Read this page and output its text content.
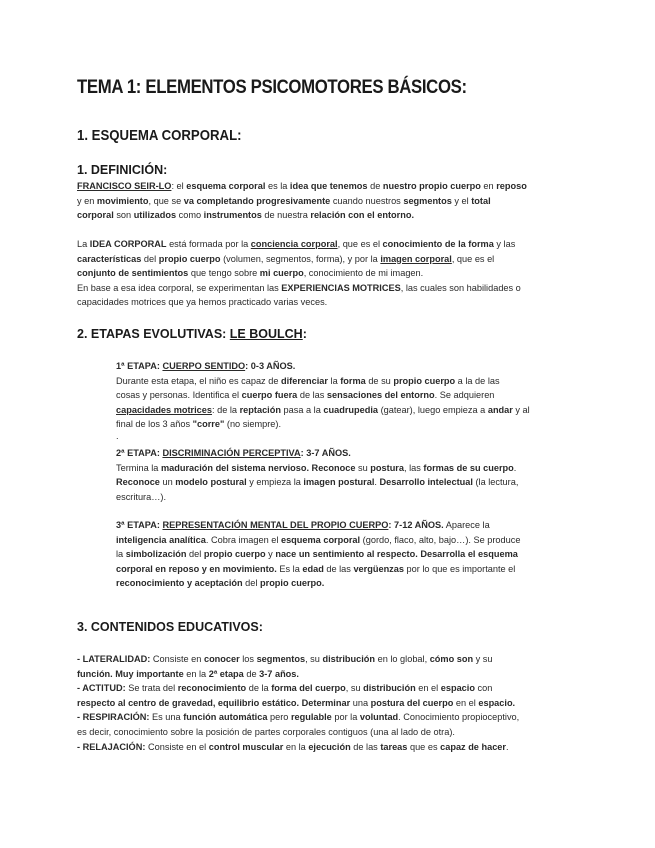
TEMA 1: ELEMENTOS PSICOMOTORES BÁSICOS:
1. ESQUEMA CORPORAL:
1. DEFINICIÓN:
FRANCISCO SEIR-LO: el esquema corporal es la idea que tenemos de nuestro propio cuerpo en reposo
y en movimiento, que se va completando progresivamente cuando nuestros segmentos y el total
corporal son utilizados como instrumentos de nuestra relación con el entorno.
La IDEA CORPORAL está formada por la conciencia corporal, que es el conocimiento de la forma y las
características del propio cuerpo (volumen, segmentos, forma), y por la imagen corporal, que es el
conjunto de sentimientos que tengo sobre mi cuerpo, conocimiento de mi imagen.
En base a esa idea corporal, se experimentan las EXPERIENCIAS MOTRICES, las cuales son habilidades o
capacidades motrices que ya hemos practicado varias veces.
2. ETAPAS EVOLUTIVAS: LE BOULCH:
1ª ETAPA: CUERPO SENTIDO: 0-3 AÑOS.
Durante esta etapa, el niño es capaz de diferenciar la forma de su propio cuerpo a la de las
cosas y personas. Identifica el cuerpo fuera de las sensaciones del entorno. Se adquieren
capacidades motrices: de la reptación pasa a la cuadrupedia (gatear), luego empieza a andar y al
final de los 3 años "corre" (no siempre).
.
2ª ETAPA: DISCRIMINACIÓN PERCEPTIVA: 3-7 AÑOS.
Termina la maduración del sistema nervioso. Reconoce su postura, las formas de su cuerpo.
Reconoce un modelo postural y empieza la imagen postural. Desarrollo intelectual (la lectura,
escritura…).
3ª ETAPA: REPRESENTACIÓN MENTAL DEL PROPIO CUERPO: 7-12 AÑOS. Aparece la
inteligencia analítica. Cobra imagen el esquema corporal (gordo, flaco, alto, bajo…). Se produce
la simbolización del propio cuerpo y nace un sentimiento al respecto. Desarrolla el esquema
corporal en reposo y en movimiento. Es la edad de las vergüenzas por lo que es importante el
reconocimiento y aceptación del propio cuerpo.
3. CONTENIDOS EDUCATIVOS:
- LATERALIDAD: Consiste en conocer los segmentos, su distribución en lo global, cómo son y su
función. Muy importante en la 2ª etapa de 3-7 años.
- ACTITUD: Se trata del reconocimiento de la forma del cuerpo, su distribución en el espacio con
respecto al centro de gravedad, equilibrio estático. Determinar una postura del cuerpo en el espacio.
- RESPIRACIÓN: Es una función automática pero regulable por la voluntad. Conocimiento propioceptivo,
es decir, conocimiento sobre la posición de partes corporales contiguos (una al lado de otra).
- RELAJACIÓN: Consiste en el control muscular en la ejecución de las tareas que es capaz de hacer.
